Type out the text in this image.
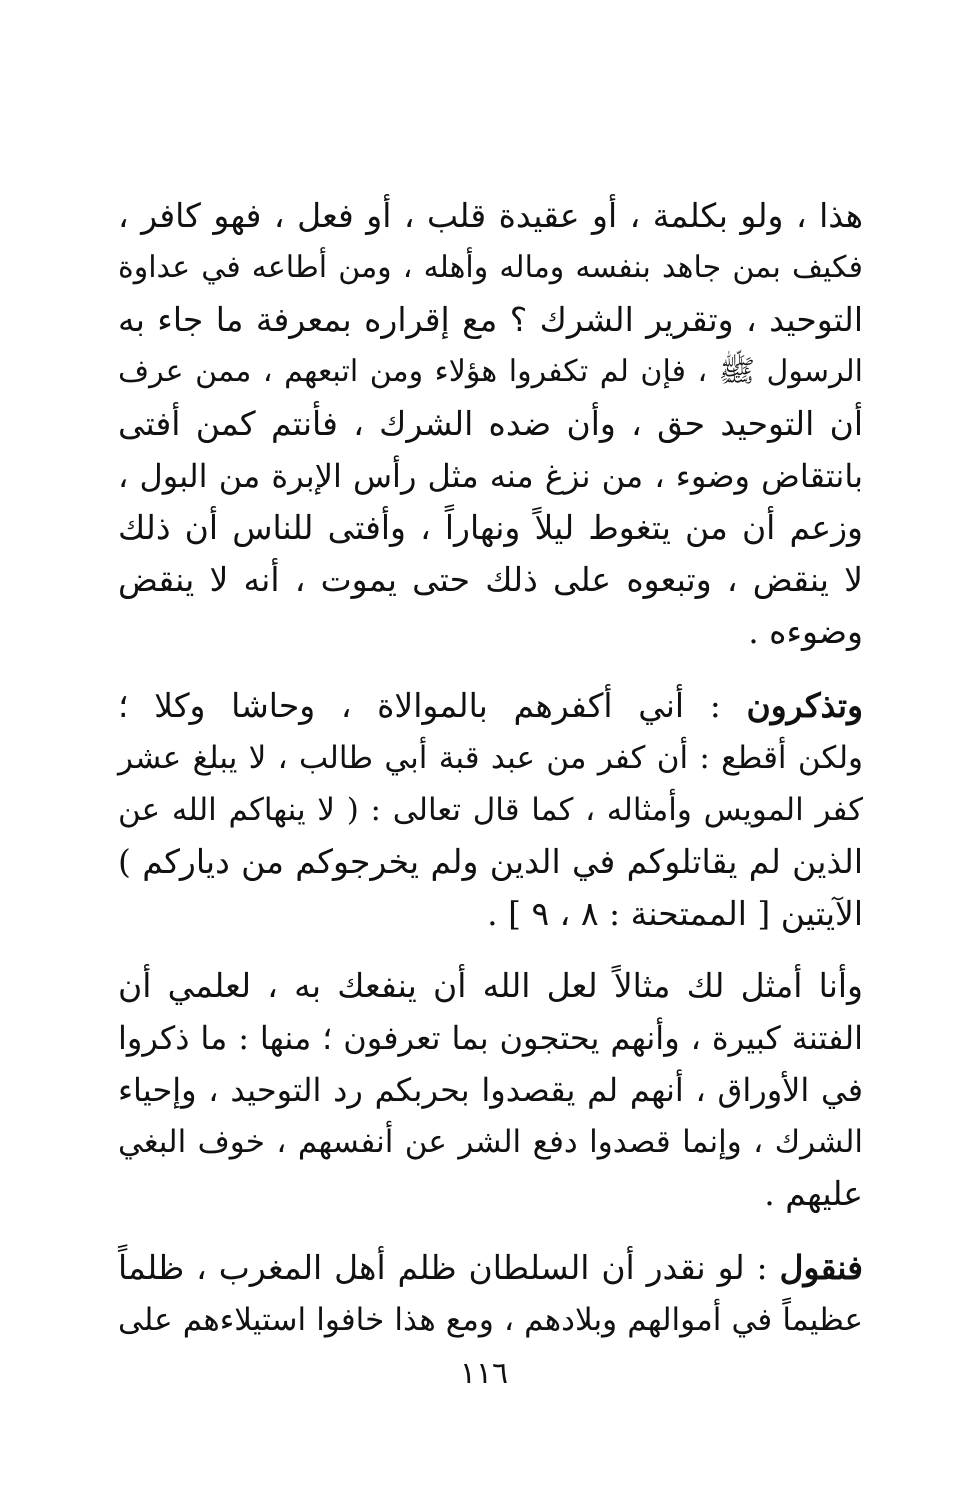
هذا ، ولو بكلمة ، أو عقيدة قلب ، أو فعل ، فهو كافر ،
فكيف بمن جاهد بنفسه وماله وأهله ، ومن أطاعه في عداوة
التوحيد ، وتقرير الشرك ؟ مع إقراره بمعرفة ما جاء به
الرسول ﷺ ، فإن لم تكفروا هؤلاء ومن اتبعهم ، ممن عرف
أن التوحيد حق ، وأن ضده الشرك ، فأنتم كمن أفتى
بانتقاض وضوء ، من نزغ منه مثل رأس الإبرة من البول ،
وزعم أن من يتغوط ليلاً ونهاراً ، وأفتى للناس أن ذلك
لا ينقض ، وتبعوه على ذلك حتى يموت ، أنه لا ينقض
وضوءه .
وتذكرون : أني أكفرهم بالموالاة ، وحاشا وكلا ؛
ولكن أقطع : أن كفر من عبد قبة أبي طالب ، لا يبلغ عشر
كفر المويس وأمثاله ، كما قال تعالى : ( لا ينهاكم الله عن
الذين لم يقاتلوكم في الدين ولم يخرجوكم من دياركم )
الآيتين [ الممتحنة : ٨ ، ٩ ] .
وأنا أمثل لك مثالاً لعل الله أن ينفعك به ، لعلمي أن
الفتنة كبيرة ، وأنهم يحتجون بما تعرفون ؛ منها : ما ذكروا
في الأوراق ، أنهم لم يقصدوا بحربكم رد التوحيد ، وإحياء
الشرك ، وإنما قصدوا دفع الشر عن أنفسهم ، خوف البغي
عليهم .
فنقول : لو نقدر أن السلطان ظلم أهل المغرب ، ظلماً
عظيماً في أموالهم وبلادهم ، ومع هذا خافوا استيلاءهم على
١١٦
